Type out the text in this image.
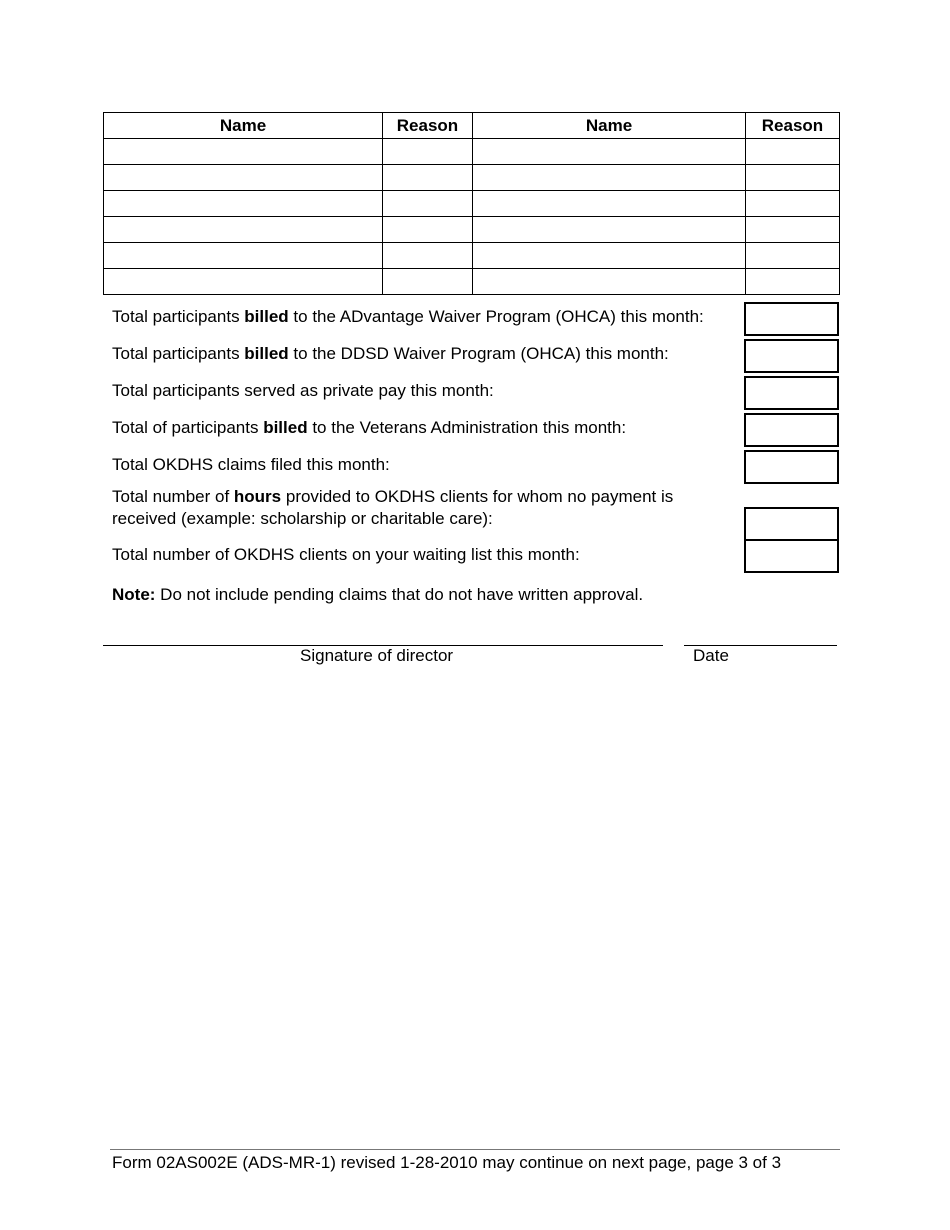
Name	Reason	Name	Reason

Total participants billed to the ADvantage Waiver Program (OHCA) this month:
Total participants billed to the DDSD Waiver Program (OHCA) this month:
Total participants served as private pay this month:
Total of participants billed to the Veterans Administration this month:
Total OKDHS claims filed this month:
Total number of hours provided to OKDHS clients for whom no payment is
received (example: scholarship or charitable care):
Total number of OKDHS clients on your waiting list this month:
Note: Do not include pending claims that do not have written approval.
Signature of director	Date
Form 02AS002E (ADS-MR-1) revised 1-28-2010 may continue on next page, page 3 of 3
